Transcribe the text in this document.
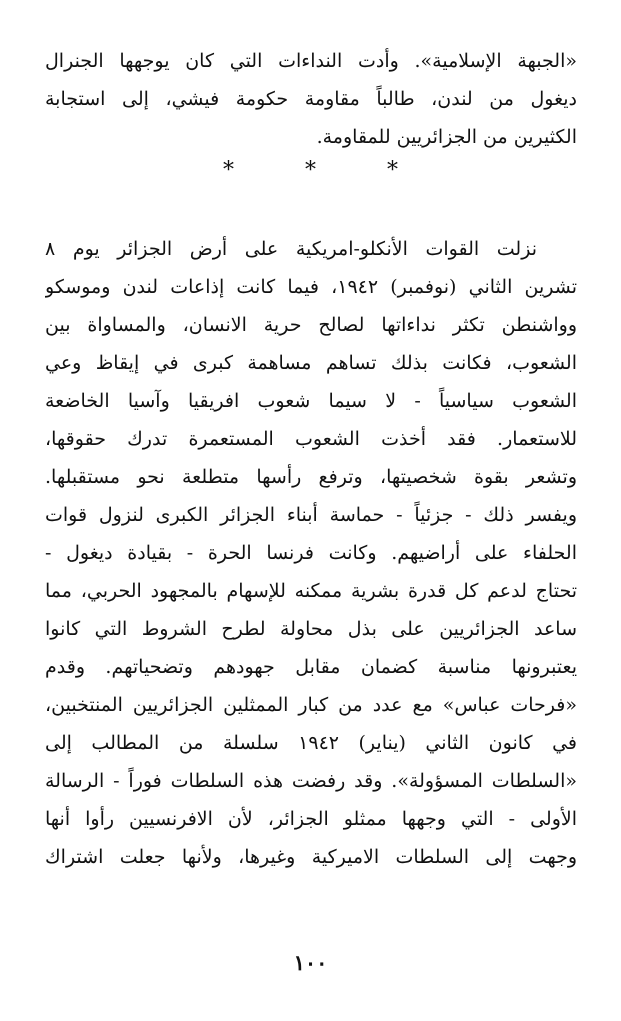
«الجبهة الإسلامية». وأدت النداءات التي كان يوجهها الجنرال
ديغول من لندن، طالباً مقاومة حكومة فيشي، إلى استجابة
الكثيرين من الجزائريين للمقاومة.

* * *

نزلت القوات الأنكلو-امريكية على أرض الجزائر يوم ٨
تشرين الثاني (نوفمبر) ١٩٤٢، فيما كانت إذاعات لندن وموسكو
وواشنطن تكثر نداءاتها لصالح حرية الانسان، والمساواة بين
الشعوب، فكانت بذلك تساهم مساهمة كبرى في إيقاظ وعي
الشعوب سياسياً - لا سيما شعوب افريقيا وآسيا الخاضعة
للاستعمار. فقد أخذت الشعوب المستعمرة تدرك حقوقها،
وتشعر بقوة شخصيتها، وترفع رأسها متطلعة نحو مستقبلها.
ويفسر ذلك - جزئياً - حماسة أبناء الجزائر الكبرى لنزول قوات
الحلفاء على أراضيهم. وكانت فرنسا الحرة - بقيادة ديغول -
تحتاج لدعم كل قدرة بشرية ممكنه للإسهام بالمجهود الحربي، مما
ساعد الجزائريين على بذل محاولة لطرح الشروط التي كانوا
يعتبرونها مناسبة كضمان مقابل جهودهم وتضحياتهم. وقدم
«فرحات عباس» مع عدد من كبار الممثلين الجزائريين المنتخبين،
في كانون الثاني (يناير) ١٩٤٢ سلسلة من المطالب إلى
«السلطات المسؤولة». وقد رفضت هذه السلطات فوراً - الرسالة
الأولى - التي وجهها ممثلو الجزائر، لأن الافرنسيين رأوا أنها
وجهت إلى السلطات الاميركية وغيرها، ولأنها جعلت اشتراك

١٠٠
